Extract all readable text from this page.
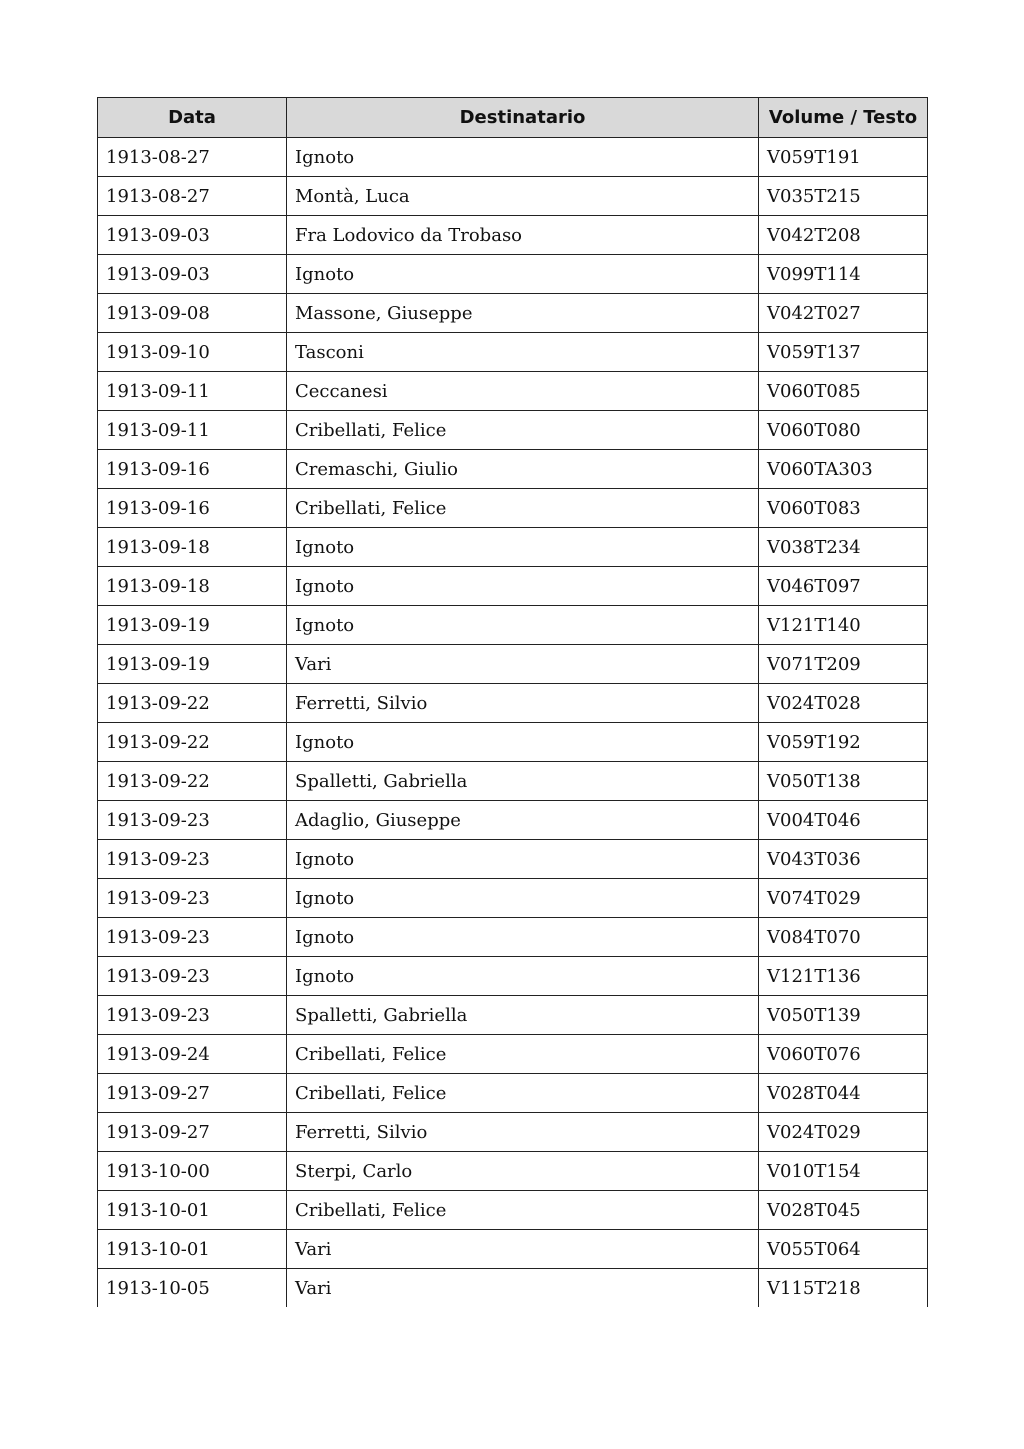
Data	Destinatario	Volume / Testo
1913-08-27	Ignoto	V059T191
1913-08-27	Montà, Luca	V035T215
1913-09-03	Fra Lodovico da Trobaso	V042T208
1913-09-03	Ignoto	V099T114
1913-09-08	Massone, Giuseppe	V042T027
1913-09-10	Tasconi	V059T137
1913-09-11	Ceccanesi	V060T085
1913-09-11	Cribellati, Felice	V060T080
1913-09-16	Cremaschi, Giulio	V060TA303
1913-09-16	Cribellati, Felice	V060T083
1913-09-18	Ignoto	V038T234
1913-09-18	Ignoto	V046T097
1913-09-19	Ignoto	V121T140
1913-09-19	Vari	V071T209
1913-09-22	Ferretti, Silvio	V024T028
1913-09-22	Ignoto	V059T192
1913-09-22	Spalletti, Gabriella	V050T138
1913-09-23	Adaglio, Giuseppe	V004T046
1913-09-23	Ignoto	V043T036
1913-09-23	Ignoto	V074T029
1913-09-23	Ignoto	V084T070
1913-09-23	Ignoto	V121T136
1913-09-23	Spalletti, Gabriella	V050T139
1913-09-24	Cribellati, Felice	V060T076
1913-09-27	Cribellati, Felice	V028T044
1913-09-27	Ferretti, Silvio	V024T029
1913-10-00	Sterpi, Carlo	V010T154
1913-10-01	Cribellati, Felice	V028T045
1913-10-01	Vari	V055T064
1913-10-05	Vari	V115T218
